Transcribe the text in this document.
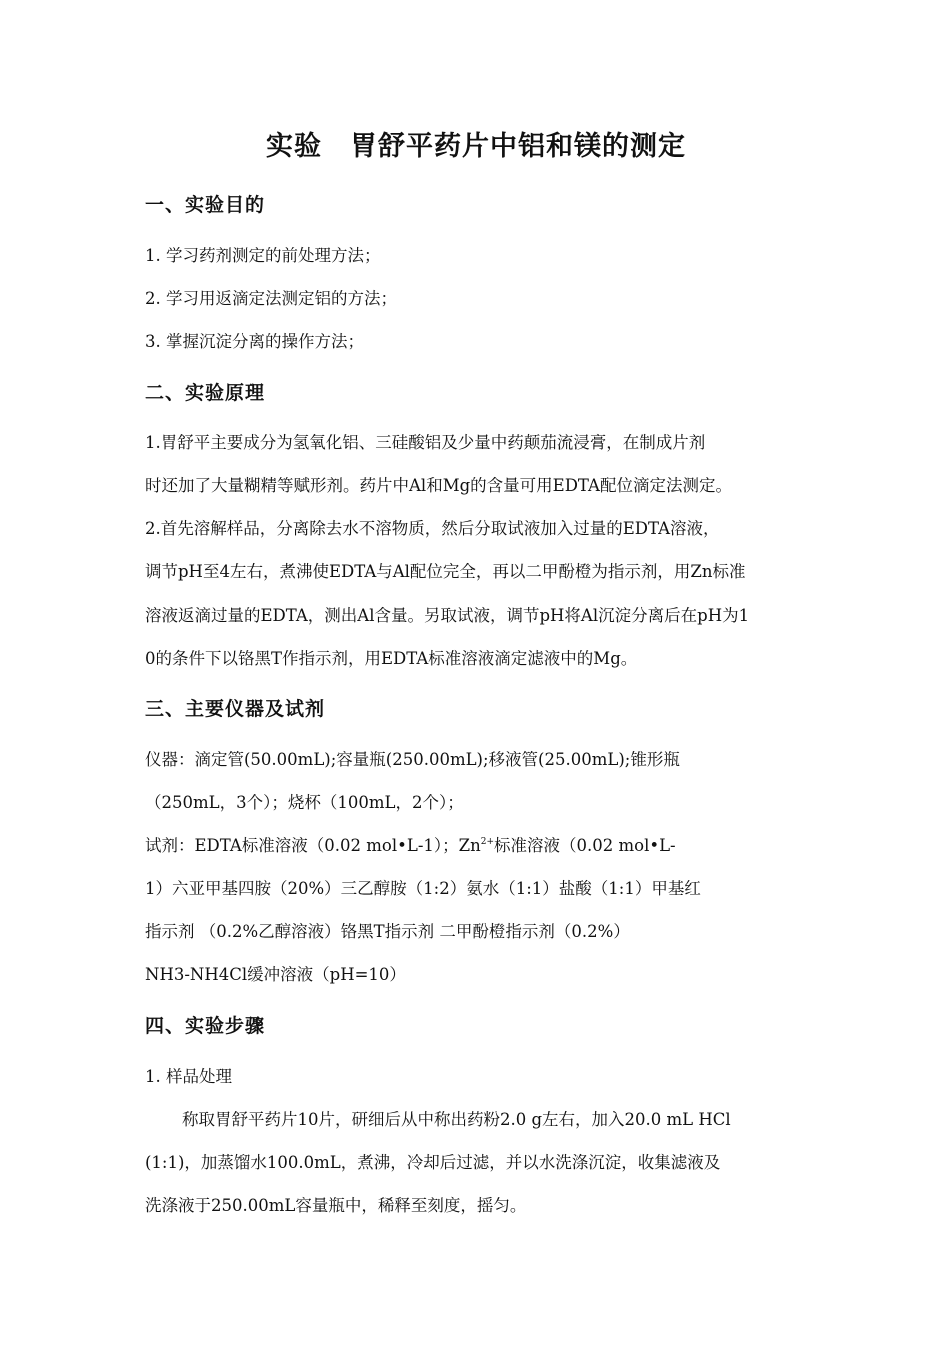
实验　胃舒平药片中铝和镁的测定
一、实验目的
1. 学习药剂测定的前处理方法；
2. 学习用返滴定法测定铝的方法；
3. 掌握沉淀分离的操作方法；
二、实验原理
1.胃舒平主要成分为氢氧化铝、三硅酸铝及少量中药颠茄流浸膏，在制成片剂
时还加了大量糊精等赋形剂。药片中Al和Mg的含量可用EDTA配位滴定法测定。
2.首先溶解样品，分离除去水不溶物质，然后分取试液加入过量的EDTA溶液，
调节pH至4左右，煮沸使EDTA与Al配位完全，再以二甲酚橙为指示剂，用Zn标准
溶液返滴过量的EDTA，测出Al含量。另取试液，调节pH将Al沉淀分离后在pH为1
0的条件下以铬黑T作指示剂，用EDTA标准溶液滴定滤液中的Mg。
三、主要仪器及试剂
仪器：滴定管(50.00mL);容量瓶(250.00mL);移液管(25.00mL);锥形瓶
（250mL，3个）；烧杯（100mL，2个）；
试剂：EDTA标准溶液（0.02 mol•L-1）；$Zn^{2+}$标准溶液（0.02 mol•L-
1）六亚甲基四胺（20%）三乙醇胺（1:2）氨水（1:1）盐酸（1:1）甲基红
指示剂 （0.2%乙醇溶液）铬黑T指示剂 二甲酚橙指示剂（0.2%）
NH3-NH4Cl缓冲溶液（pH=10）
四、实验步骤
1. 样品处理
称取胃舒平药片10片，研细后从中称出药粉2.0 g左右，加入20.0 mL HCl
(1:1)，加蒸馏水100.0mL，煮沸，冷却后过滤，并以水洗涤沉淀，收集滤液及
洗涤液于250.00mL容量瓶中，稀释至刻度，摇匀。
